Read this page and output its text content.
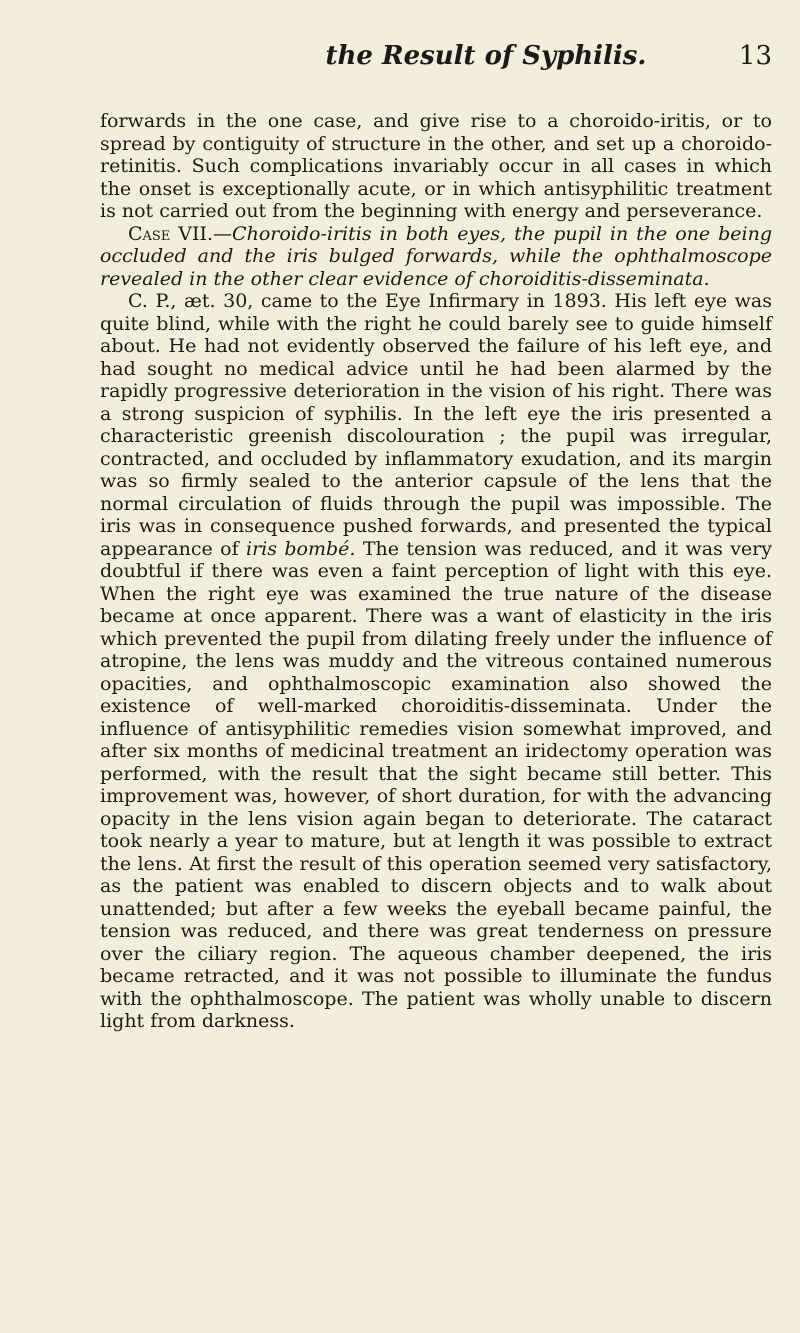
the Result of Syphilis.	13

forwards in the one case, and give rise to a choroido-iritis, or to spread by contiguity of structure in the other, and set up a choroido-retinitis. Such complications invariably occur in all cases in which the onset is exceptionally acute, or in which antisyphilitic treatment is not carried out from the beginning with energy and perseverance.

Case VII.—Choroido-iritis in both eyes, the pupil in the one being occluded and the iris bulged forwards, while the ophthalmoscope revealed in the other clear evidence of choroiditis-disseminata.

C. P., æt. 30, came to the Eye Infirmary in 1893. His left eye was quite blind, while with the right he could barely see to guide himself about. He had not evidently observed the failure of his left eye, and had sought no medical advice until he had been alarmed by the rapidly progressive deterioration in the vision of his right. There was a strong suspicion of syphilis. In the left eye the iris presented a characteristic greenish discolouration ; the pupil was irregular, contracted, and occluded by inflammatory exudation, and its margin was so firmly sealed to the anterior capsule of the lens that the normal circulation of fluids through the pupil was impossible. The iris was in consequence pushed forwards, and presented the typical appearance of iris bombé. The tension was reduced, and it was very doubtful if there was even a faint perception of light with this eye. When the right eye was examined the true nature of the disease became at once apparent. There was a want of elasticity in the iris which prevented the pupil from dilating freely under the influence of atropine, the lens was muddy and the vitreous contained numerous opacities, and ophthalmoscopic examination also showed the existence of well-marked choroiditis-disseminata. Under the influence of antisyphilitic remedies vision somewhat improved, and after six months of medicinal treatment an iridectomy operation was performed, with the result that the sight became still better. This improvement was, however, of short duration, for with the advancing opacity in the lens vision again began to deteriorate. The cataract took nearly a year to mature, but at length it was possible to extract the lens. At first the result of this operation seemed very satisfactory, as the patient was enabled to discern objects and to walk about unattended; but after a few weeks the eyeball became painful, the tension was reduced, and there was great tenderness on pressure over the ciliary region. The aqueous chamber deepened, the iris became retracted, and it was not possible to illuminate the fundus with the ophthalmoscope. The patient was wholly unable to discern light from darkness.
